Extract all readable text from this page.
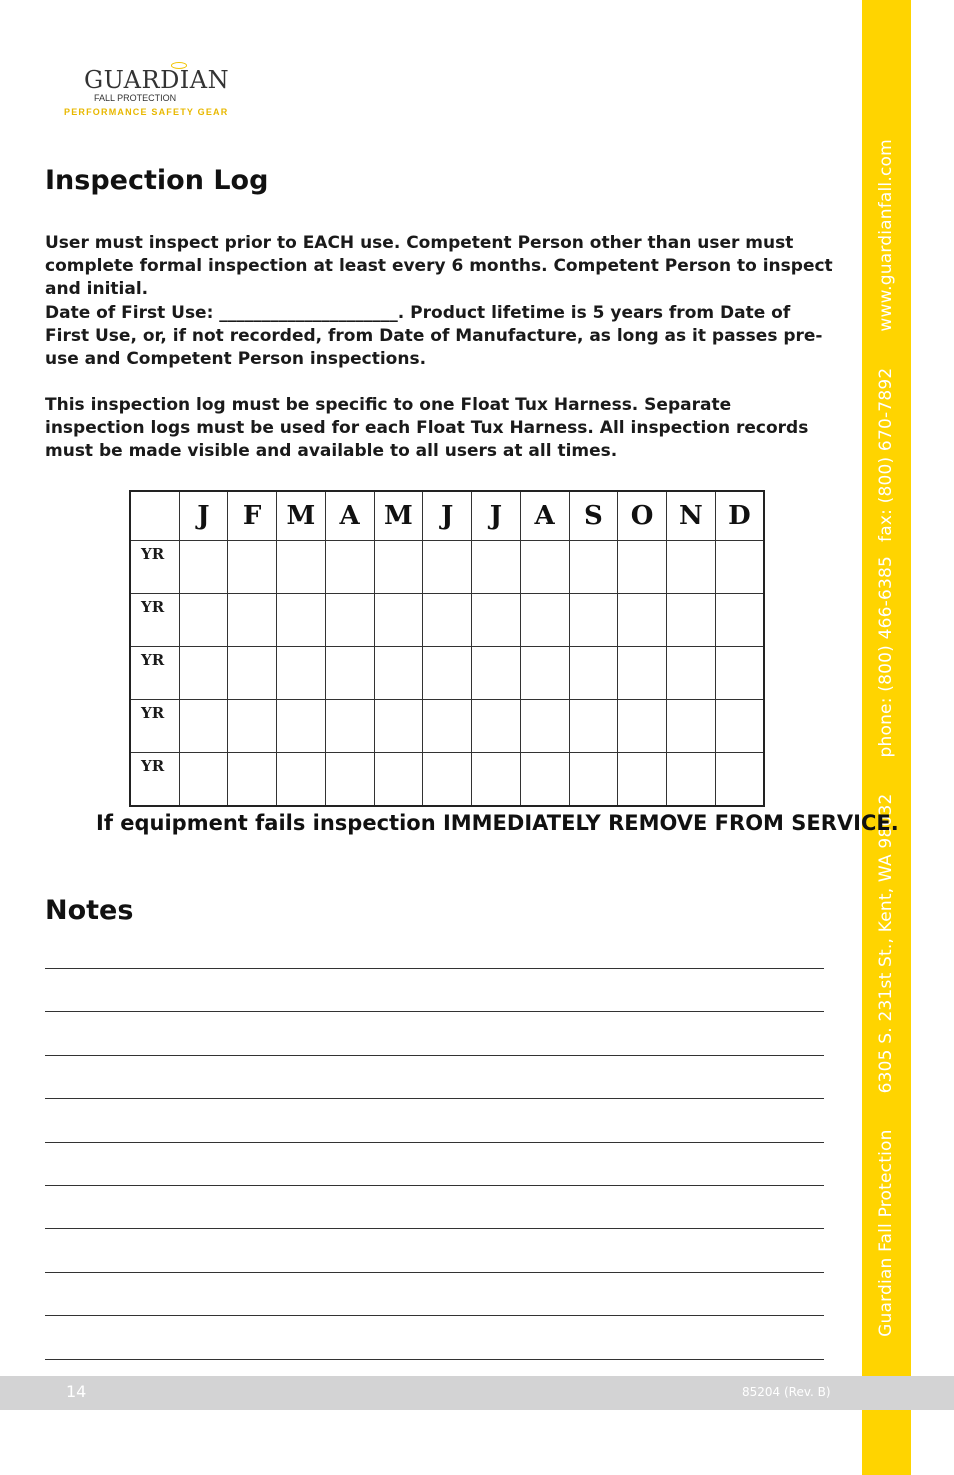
Guardian Fall Protection6305 S. 231st St., Kent, WA 98032phone: (800) 466-6385fax: (800) 670-7892www.guardianfall.com
GUARDIAN
FALL PROTECTION
PERFORMANCE SAFETY GEAR
Inspection Log

User must inspect prior to EACH use. Competent Person other than user must complete formal inspection at least every 6 months. Competent Person to inspect and initial.

Date of First Use: _____________________. Product lifetime is 5 years from Date of First Use, or, if not recorded, from Date of Manufacture, as long as it passes pre-use and Competent Person inspections.

This inspection log must be specific to one Float Tux Harness. Separate inspection logs must be used for each Float Tux Harness. All inspection records must be made visible and available to all users at all times.

	J	F	M	A	M	J	J	A	S	O	N	D
YR												
YR												
YR												
YR												
YR												

If equipment fails inspection IMMEDIATELY REMOVE FROM SERVICE.

Notes
14	85204 (Rev. B)
